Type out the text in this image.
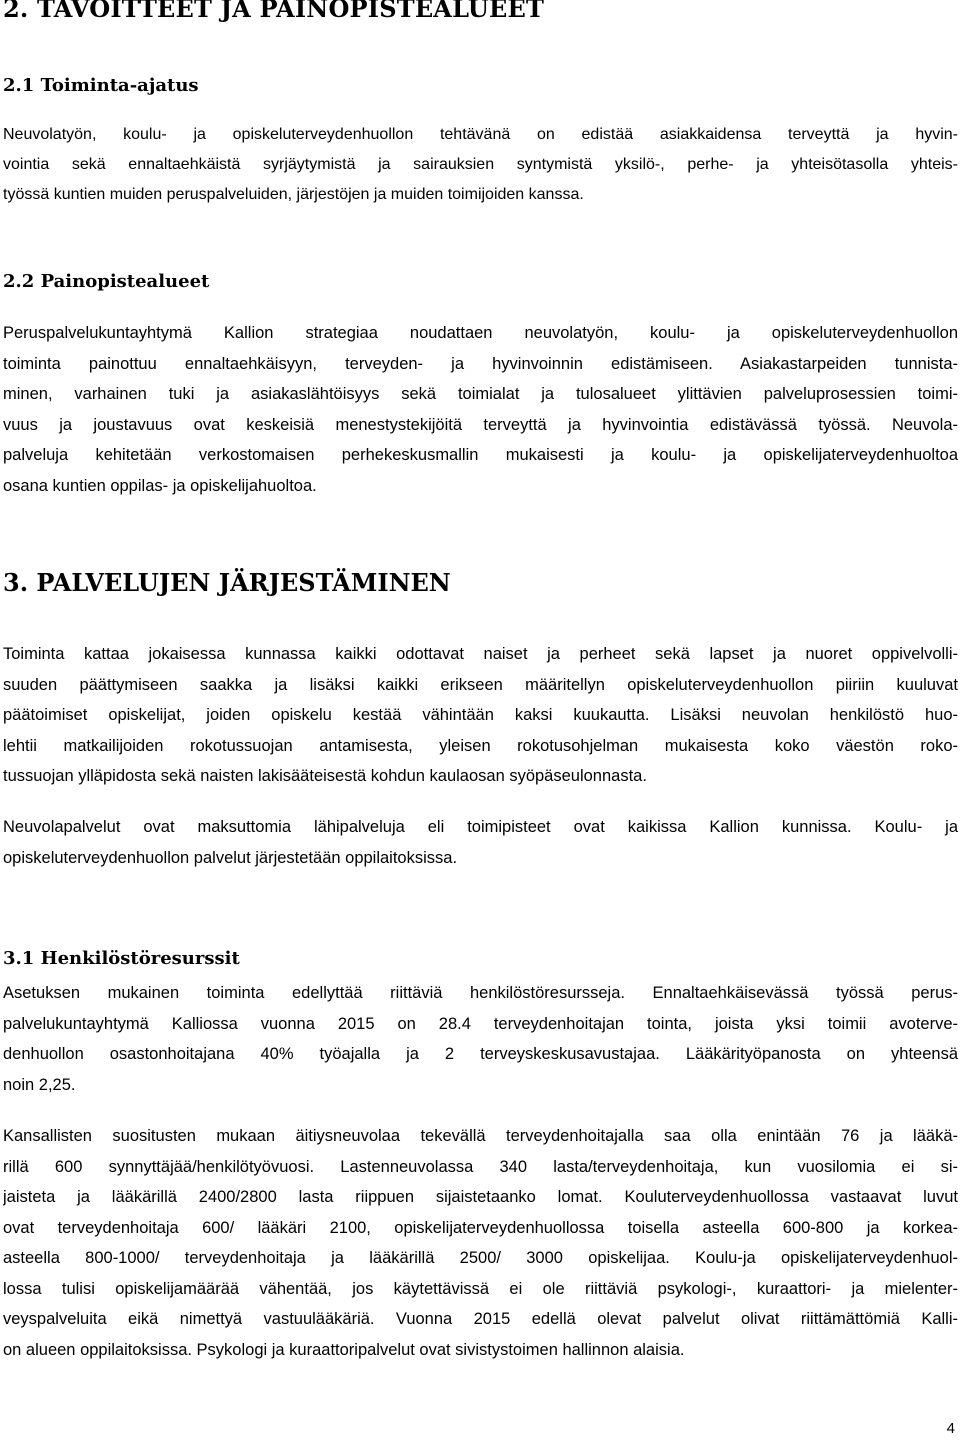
2. TAVOITTEET JA PAINOPISTEALUEET
2.1 Toiminta-ajatus
Neuvolatyön, koulu- ja opiskeluterveydenhuollon tehtävänä on edistää asiakkaidensa terveyttä ja hyvin-
vointia sekä ennaltaehkäistä syrjäytymistä ja sairauksien syntymistä yksilö-, perhe- ja yhteisötasolla yhteis-
työssä kuntien muiden peruspalveluiden, järjestöjen ja muiden toimijoiden kanssa.
2.2 Painopistealueet
Peruspalvelukuntayhtymä Kallion strategiaa noudattaen neuvolatyön, koulu- ja opiskeluterveydenhuollon
toiminta painottuu ennaltaehkäisyyn, terveyden- ja hyvinvoinnin edistämiseen. Asiakastarpeiden tunnista-
minen, varhainen tuki ja asiakaslähtöisyys sekä toimialat ja tulosalueet ylittävien palveluprosessien toimi-
vuus ja joustavuus ovat keskeisiä menestystekijöitä terveyttä ja hyvinvointia edistävässä työssä. Neuvola-
palveluja kehitetään verkostomaisen perhekeskusmallin mukaisesti ja koulu- ja opiskelijaterveydenhuoltoa
osana kuntien oppilas- ja opiskelijahuoltoa.
3. PALVELUJEN JÄRJESTÄMINEN
Toiminta kattaa jokaisessa kunnassa kaikki odottavat naiset ja perheet sekä lapset ja nuoret oppivelvolli-
suuden päättymiseen saakka ja lisäksi kaikki erikseen määritellyn opiskeluterveydenhuollon piiriin kuuluvat
päätoimiset opiskelijat, joiden opiskelu kestää vähintään kaksi kuukautta. Lisäksi neuvolan henkilöstö huo-
lehtii matkailijoiden rokotussuojan antamisesta, yleisen rokotusohjelman mukaisesta koko väestön roko-
tussuojan ylläpidosta sekä naisten lakisääteisestä kohdun kaulaosan syöpäseulonnasta.
Neuvolapalvelut ovat maksuttomia lähipalveluja eli toimipisteet ovat kaikissa Kallion kunnissa. Koulu- ja
opiskeluterveydenhuollon palvelut järjestetään oppilaitoksissa.
3.1 Henkilöstöresurssit
Asetuksen mukainen toiminta edellyttää riittäviä henkilöstöresursseja. Ennaltaehkäisevässä työssä perus-
palvelukuntayhtymä Kalliossa vuonna 2015 on 28.4 terveydenhoitajan tointa, joista yksi toimii avoterve-
denhuollon osastonhoitajana 40% työajalla ja 2 terveyskeskusavustajaa. Lääkärityöpanosta on yhteensä
noin 2,25.
Kansallisten suositusten mukaan äitiysneuvolaa tekevällä terveydenhoitajalla saa olla enintään 76 ja lääkä-
rillä 600 synnyttäjää/henkilötyövuosi. Lastenneuvolassa 340 lasta/terveydenhoitaja, kun vuosilomia ei si-
jaisteta ja lääkärillä 2400/2800 lasta riippuen sijaistetaanko lomat. Kouluterveydenhuollossa vastaavat luvut
ovat terveydenhoitaja 600/ lääkäri 2100, opiskelijaterveydenhuollossa toisella asteella 600-800 ja korkea-
asteella 800-1000/ terveydenhoitaja ja lääkärillä 2500/ 3000 opiskelijaa. Koulu-ja opiskelijaterveydenhuol-
lossa tulisi opiskelijamäärää vähentää, jos käytettävissä ei ole riittäviä psykologi-, kuraattori- ja mielenter-
veyspalveluita eikä nimettyä vastuulääkäriä. Vuonna 2015 edellä olevat palvelut olivat riittämättömiä Kalli-
on alueen oppilaitoksissa. Psykologi ja kuraattoripalvelut ovat sivistystoimen hallinnon alaisia.
4
